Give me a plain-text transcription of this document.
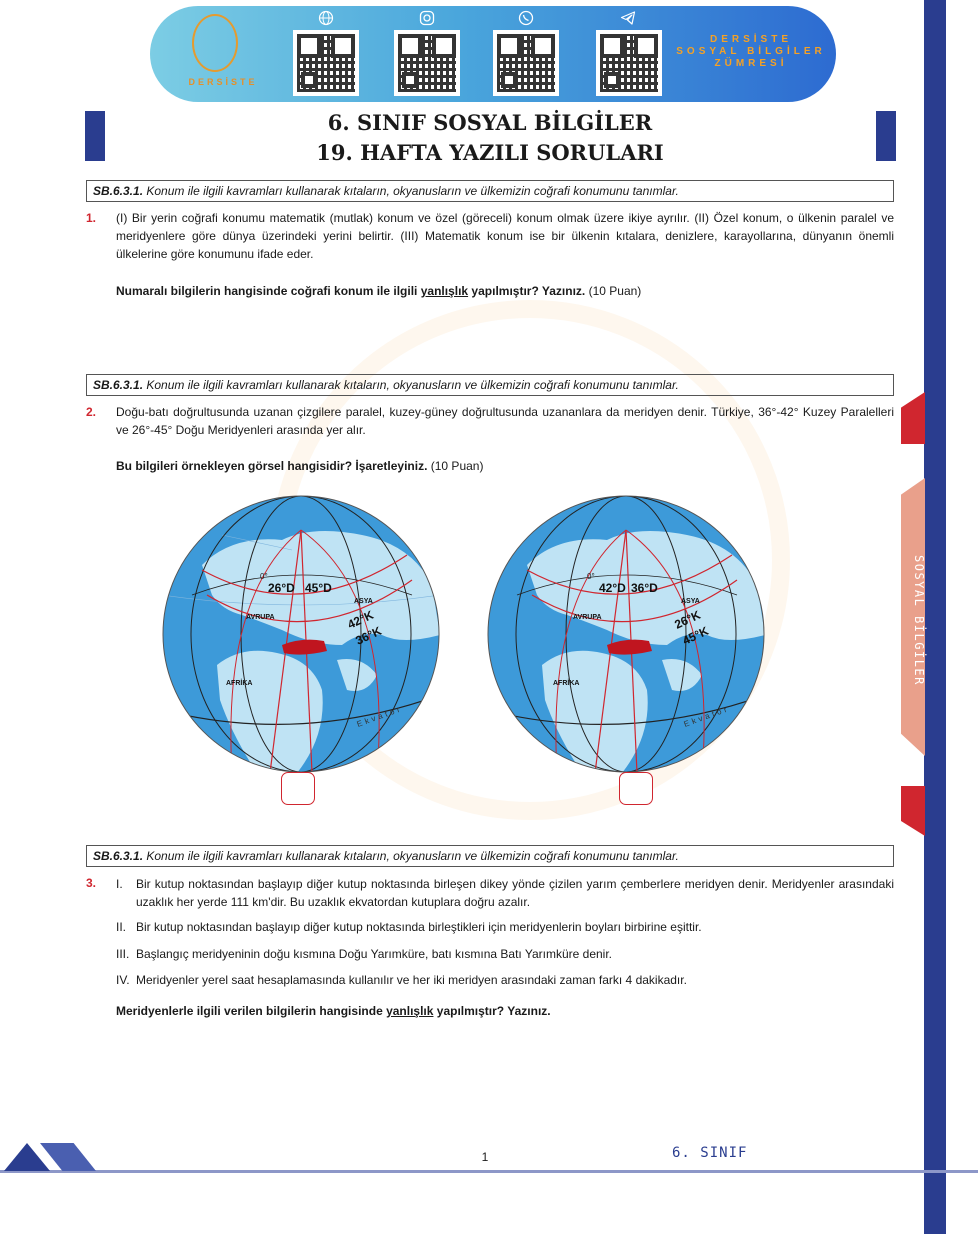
SOSYAL BİLGİLER
DERSİSTE
DERSİSTE
SOSYAL BİLGİLER
ZÜMRESİ
6. SINIF SOSYAL BİLGİLER
19. HAFTA YAZILI SORULARI
SB.6.3.1. Konum ile ilgili kavramları kullanarak kıtaların, okyanusların ve ülkemizin coğrafi konumunu tanımlar.
1. (I) Bir yerin coğrafi konumu matematik (mutlak) konum ve özel (göreceli) konum olmak üzere ikiye ayrılır. (II) Özel konum, o ülkenin paralel ve meridyenlere göre dünya üzerindeki yerini belirtir. (III) Matematik konum ise bir ülkenin kıtalara, denizlere, karayollarına, dünyanın önemli ülkelerine göre konumunu ifade eder.
Numaralı bilgilerin hangisinde coğrafi konum ile ilgili yanlışlık yapılmıştır? Yazınız. (10 Puan)
SB.6.3.1. Konum ile ilgili kavramları kullanarak kıtaların, okyanusların ve ülkemizin coğrafi konumunu tanımlar.
2. Doğu-batı doğrultusunda uzanan çizgilere paralel, kuzey-güney doğrultusunda uzananlara da meridyen denir. Türkiye, 36°-42° Kuzey Paralelleri ve 26°-45° Doğu Meridyenleri arasında yer alır.
Bu bilgileri örnekleyen görsel hangisidir? İşaretleyiniz. (10 Puan)
0°
26°D 45°D
ASYA
AVRUPA	42°K
36°K
AFRİKA
Ekvator
0°
42°D 36°D
ASYA
AVRUPA	26°K
45°K
AFRİKA
Ekvator
SB.6.3.1. Konum ile ilgili kavramları kullanarak kıtaların, okyanusların ve ülkemizin coğrafi konumunu tanımlar.
3. I.	Bir kutup noktasından başlayıp diğer kutup noktasında birleşen dikey yönde çizilen yarım çemberlere meridyen denir. Meridyenler arasındaki uzaklık her yerde 111 km'dir. Bu uzaklık ekvatordan kutuplara doğru azalır.
II. Bir kutup noktasından başlayıp diğer kutup noktasında birleştikleri için meridyenlerin boyları birbirine eşittir.
III. Başlangıç meridyeninin doğu kısmına Doğu Yarımküre, batı kısmına Batı Yarımküre denir.
IV. Meridyenler yerel saat hesaplamasında kullanılır ve her iki meridyen arasındaki zaman farkı 4 dakikadır.
Meridyenlerle ilgili verilen bilgilerin hangisinde yanlışlık yapılmıştır? Yazınız.
1	6. SINIF
